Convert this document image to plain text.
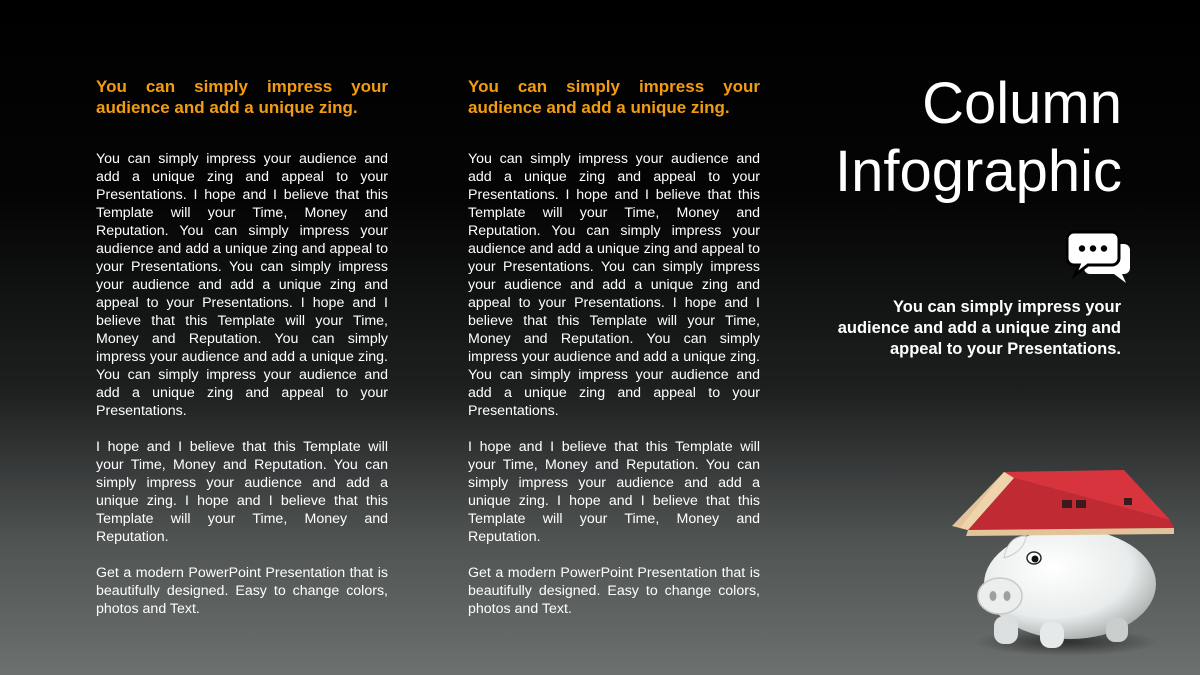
You can simply impress your audience and add a unique zing.

You can simply impress your audience and add a unique zing and appeal to your Presentations. I hope and I believe that this Template will your Time, Money and Reputation. You can simply impress your audience and add a unique zing and appeal to your Presentations. You can simply impress your audience and add a unique zing and appeal to your Presentations. I hope and I believe that this Template will your Time, Money and Reputation. You can simply impress your audience and add a unique zing. You can simply impress your audience and add a unique zing and appeal to your Presentations.

I hope and I believe that this Template will your Time, Money and Reputation. You can simply impress your audience and add a unique zing. I hope and I believe that this Template will your Time, Money and Reputation.

Get a modern PowerPoint Presentation that is beautifully designed. Easy to change colors, photos and Text.

You can simply impress your audience and add a unique zing.

You can simply impress your audience and add a unique zing and appeal to your Presentations. I hope and I believe that this Template will your Time, Money and Reputation. You can simply impress your audience and add a unique zing and appeal to your Presentations. You can simply impress your audience and add a unique zing and appeal to your Presentations. I hope and I believe that this Template will your Time, Money and Reputation. You can simply impress your audience and add a unique zing. You can simply impress your audience and add a unique zing and appeal to your Presentations.

I hope and I believe that this Template will your Time, Money and Reputation. You can simply impress your audience and add a unique zing. I hope and I believe that this Template will your Time, Money and Reputation.

Get a modern PowerPoint Presentation that is beautifully designed. Easy to change colors, photos and Text.

Column
Infographic

You can simply impress your audience and add a unique zing and appeal to your Presentations.
